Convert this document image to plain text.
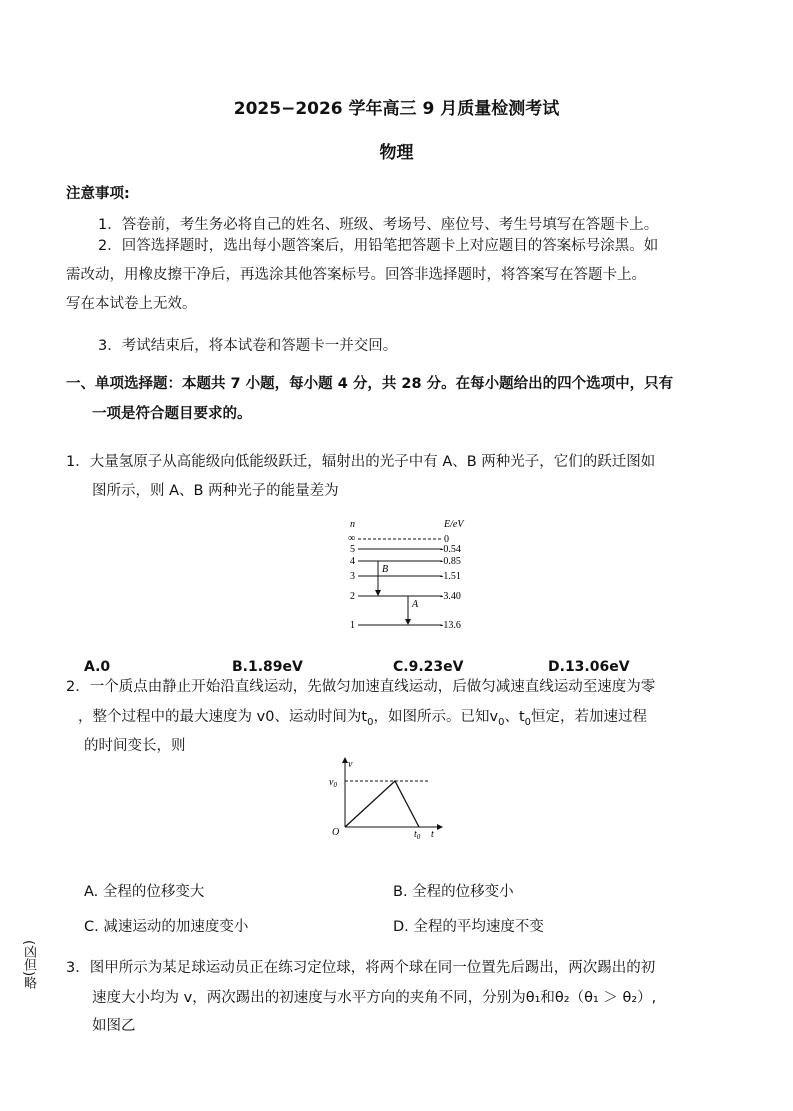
2025−2026 学年高三 9 月质量检测考试
物理
注意事项:
1．答卷前，考生务必将自己的姓名、班级、考场号、座位号、考生号填写在答题卡上。
2．回答选择题时，选出每小题答案后，用铅笔把答题卡上对应题目的答案标号涂黑。如
需改动，用橡皮擦干净后，再选涂其他答案标号。回答非选择题时，将答案写在答题卡上。
写在本试卷上无效。
3．考试结束后，将本试卷和答题卡一并交回。
一、单项选择题：本题共 7 小题，每小题 4 分，共 28 分。在每小题给出的四个选项中，只有
一项是符合题目要求的。
1．大量氢原子从高能级向低能级跃迁，辐射出的光子中有 A、B 两种光子，它们的跃迁图如
图所示，则 A、B 两种光子的能量差为
n	E/eV
∞	0
5	-0.54
4	-0.85
3	-1.51
2	-3.40
1	-13.6
B
A
A.0	B.1.89eV	C.9.23eV	D.13.06eV
2．一个质点由静止开始沿直线运动，先做匀加速直线运动，后做匀减速直线运动至速度为零
，整个过程中的最大速度为 v0、运动时间为$t_0$，如图所示。已知$v_0$、$t_0$恒定，若加速过程
的时间变长，则
v
$v_0$
O	$t_0$ t
A. 全程的位移变大	B. 全程的位移变小
C. 减速运动的加速度变小	D. 全程的平均速度不变
(凶但)略 3．图甲所示为某足球运动员正在练习定位球，将两个球在同一位置先后踢出，两次踢出的初
速度大小均为 v，两次踢出的初速度与水平方向的夹角不同，分别为θ₁和θ₂（θ₁ ＞ θ₂）,
如图乙
